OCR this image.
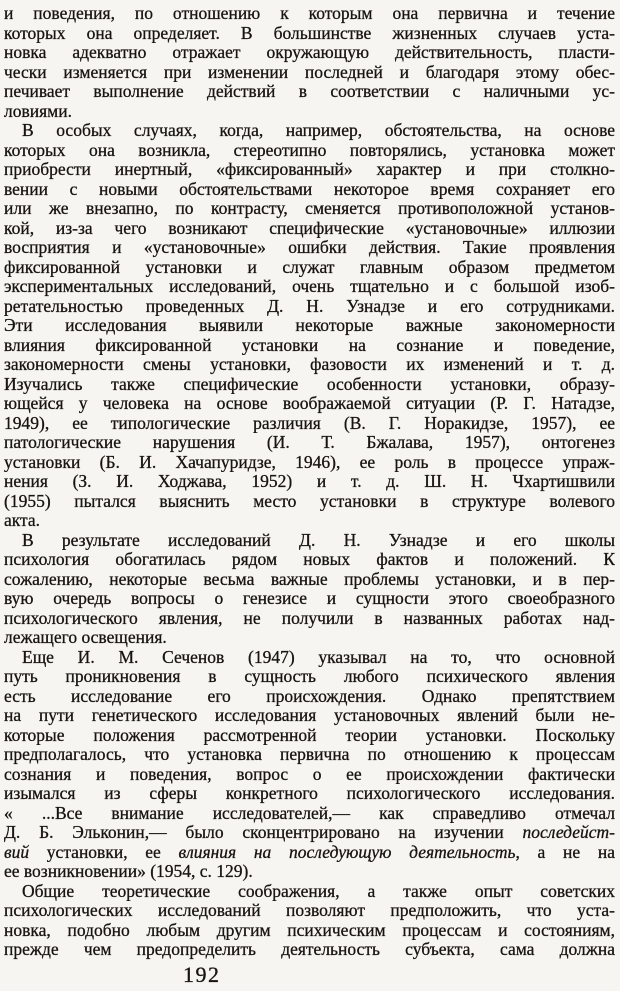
и поведения, по отношению к которым она первична и течение
которых она определяет. В большинстве жизненных случаев уста-
новка адекватно отражает окружающую действительность, пласти-
чески изменяется при изменении последней и благодаря этому обес-
печивает выполнение действий в соответствии с наличными ус-
ловиями.
В особых случаях, когда, например, обстоятельства, на основе
которых она возникла, стереотипно повторялись, установка может
приобрести инертный, «фиксированный» характер и при столкно-
вении с новыми обстоятельствами некоторое время сохраняет его
или же внезапно, по контрасту, сменяется противоположной установ-
кой, из-за чего возникают специфические «установочные» иллюзии
восприятия и «установочные» ошибки действия. Такие проявления
фиксированной установки и служат главным образом предметом
экспериментальных исследований, очень тщательно и с большой изоб-
ретательностью проведенных Д. Н. Узнадзе и его сотрудниками.
Эти исследования выявили некоторые важные закономерности
влияния фиксированной установки на сознание и поведение,
закономерности смены установки, фазовости их изменений и т. д.
Изучались также специфические особенности установки, образу-
ющейся у человека на основе воображаемой ситуации (Р. Г. Натадзе,
1949), ее типологические различия (В. Г. Норакидзе, 1957), ее
патологические нарушения (И. Т. Бжалава, 1957), онтогенез
установки (Б. И. Хачапуридзе, 1946), ее роль в процессе упраж-
нения (З. И. Ходжава, 1952) и т. д. Ш. Н. Чхартишвили
(1955) пытался выяснить место установки в структуре волевого
акта.
В результате исследований Д. Н. Узнадзе и его школы
психология обогатилась рядом новых фактов и положений. К
сожалению, некоторые весьма важные проблемы установки, и в пер-
вую очередь вопросы о генезисе и сущности этого своеобразного
психологического явления, не получили в названных работах над-
лежащего освещения.
Еще И. М. Сеченов (1947) указывал на то, что основной
путь проникновения в сущность любого психического явления
есть исследование его происхождения. Однако препятствием
на пути генетического исследования установочных явлений были не-
которые положения рассмотренной теории установки. Поскольку
предполагалось, что установка первична по отношению к процессам
сознания и поведения, вопрос о ее происхождении фактически
изымался из сферы конкретного психологического исследования.
« ...Все внимание исследователей,— как справедливо отмечал
Д. Б. Эльконин,— было сконцентрировано на изучении последейст-
вий установки, ее влияния на последующую деятельность, а не на
ее возникновении» (1954, с. 129).
Общие теоретические соображения, а также опыт советских
психологических исследований позволяют предположить, что уста-
новка, подобно любым другим психическим процессам и состояниям,
прежде чем предопределить деятельность субъекта, сама должна
192
